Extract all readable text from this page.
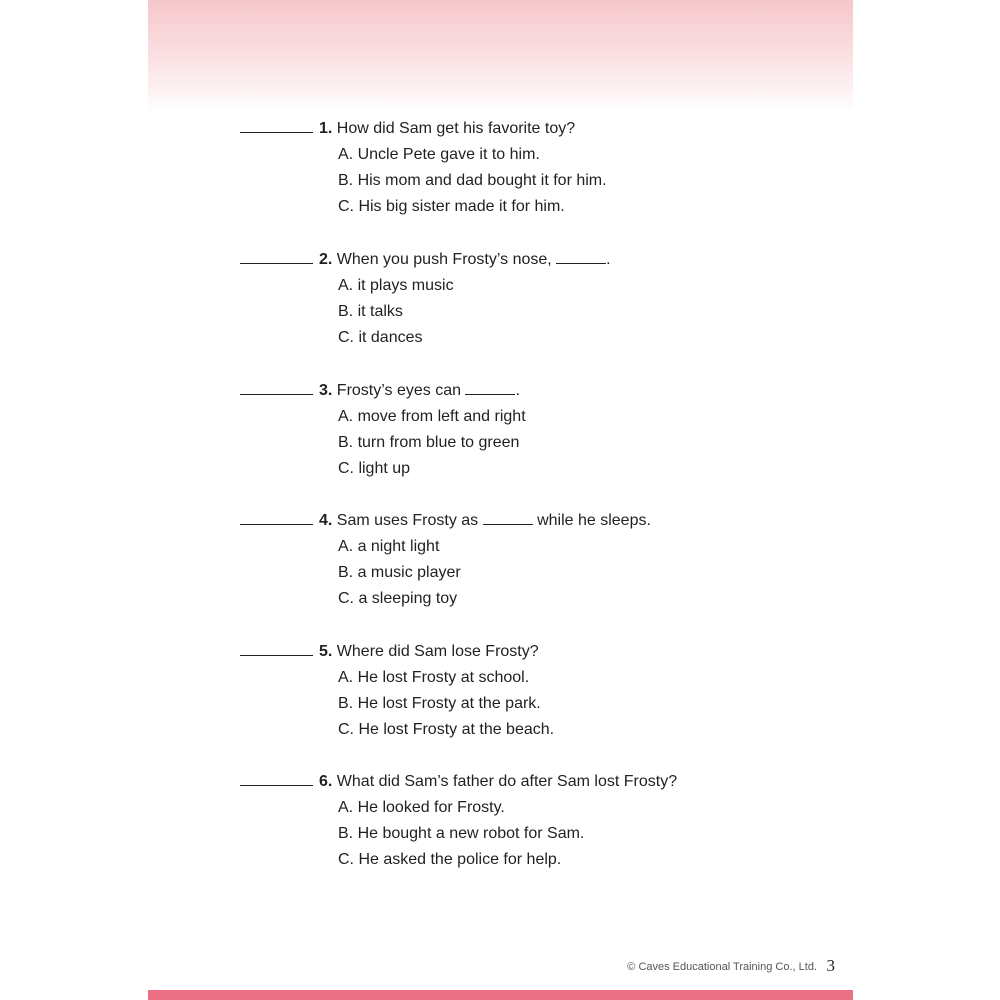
1. How did Sam get his favorite toy?
A. Uncle Pete gave it to him.
B. His mom and dad bought it for him.
C. His big sister made it for him.
2. When you push Frosty’s nose,	.
A. it plays music
B. it talks
C. it dances
3. Frosty’s eyes can	.
A. move from left and right
B. turn from blue to green
C. light up
4. Sam uses Frosty as	while he sleeps.
A. a night light
B. a music player
C. a sleeping toy
5. Where did Sam lose Frosty?
A. He lost Frosty at school.
B. He lost Frosty at the park.
C. He lost Frosty at the beach.
6. What did Sam’s father do after Sam lost Frosty?
A. He looked for Frosty.
B. He bought a new robot for Sam.
C. He asked the police for help.
© Caves Educational Training Co., Ltd. 3
